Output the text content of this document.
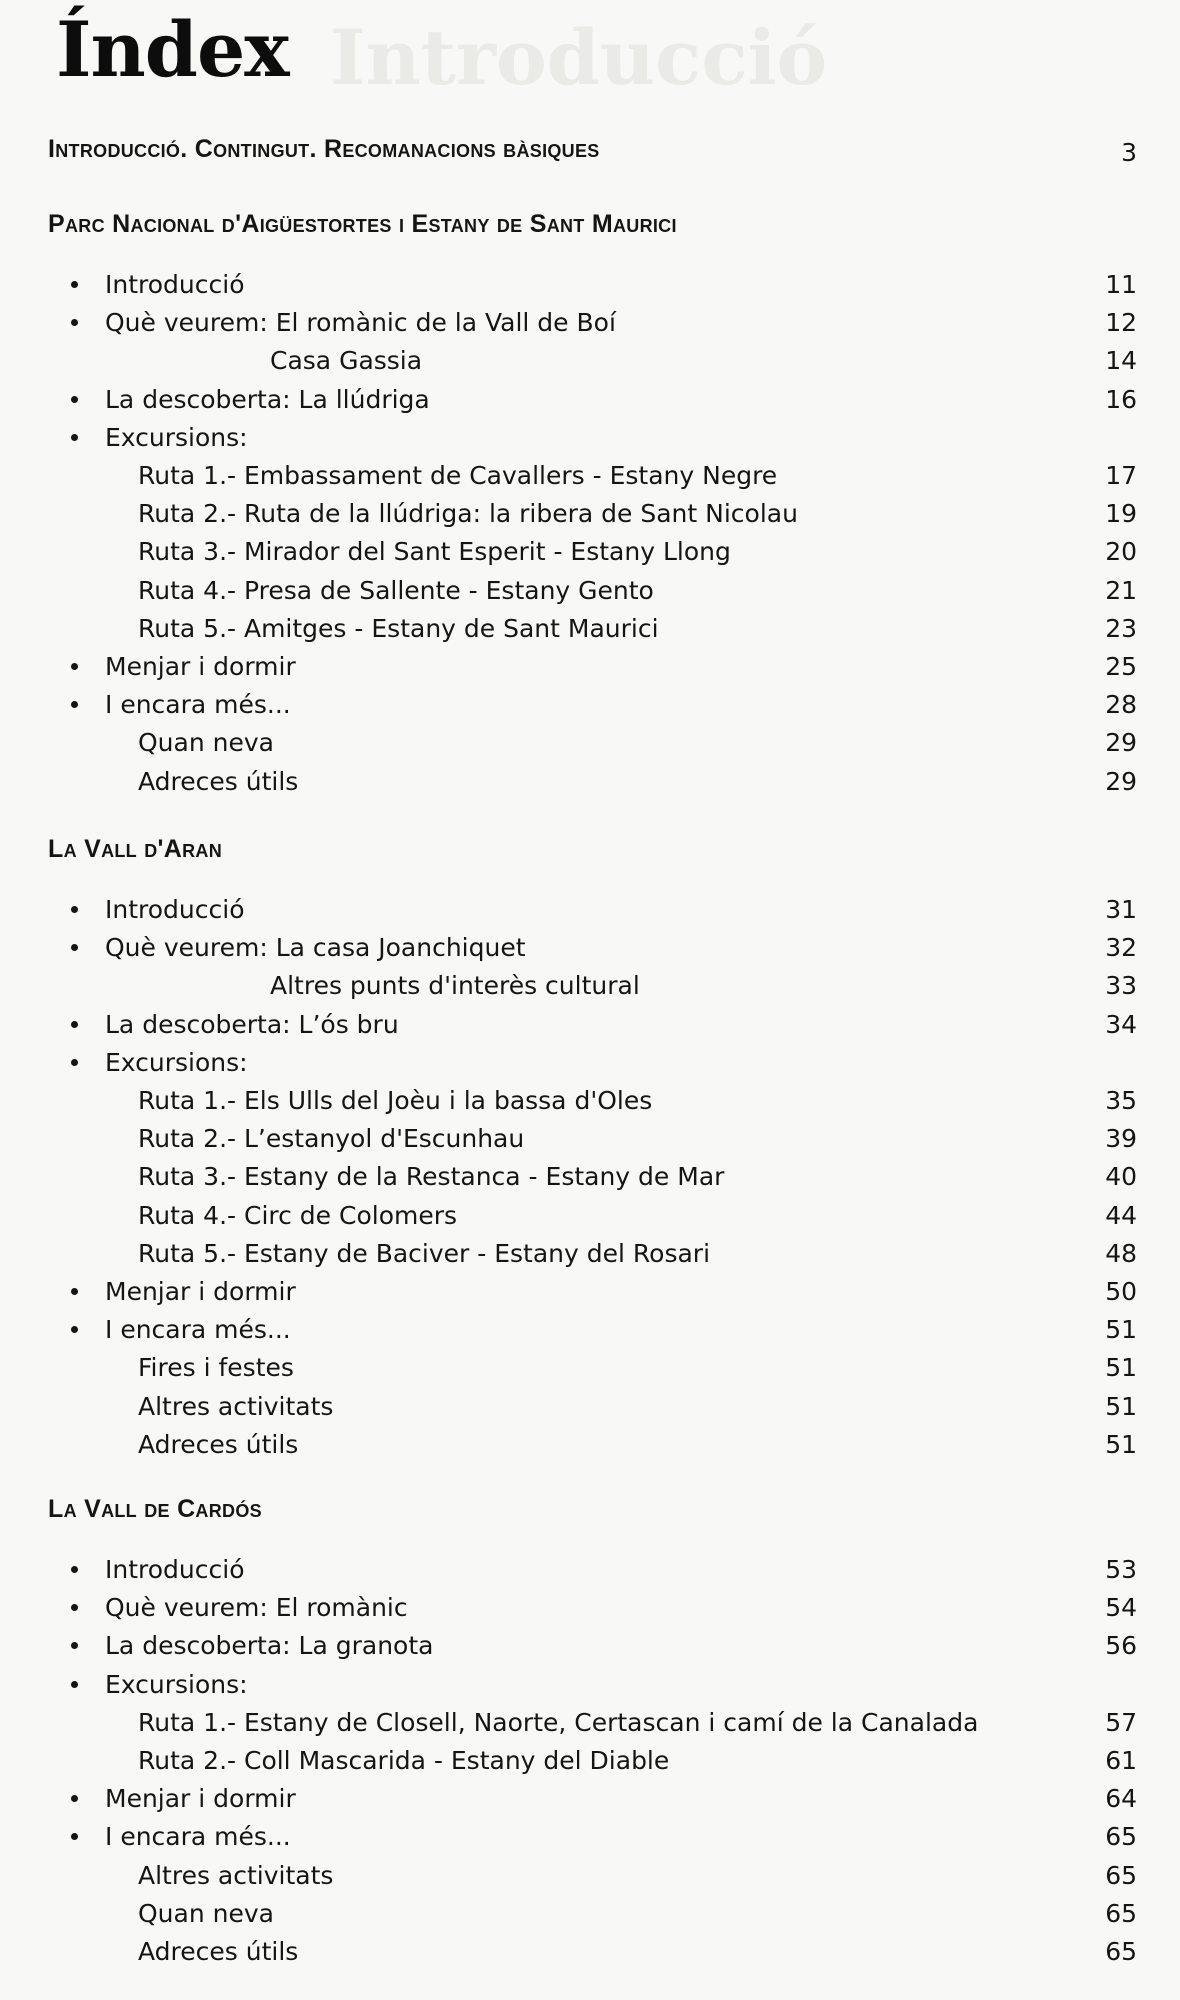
Introducció
Índex
Introducció. Contingut. Recomanacions bàsiques	3
Parc Nacional d'Aigüestortes i Estany de Sant Maurici
Introducció	11
Què veurem: El romànic de la Vall de Boí	12
Casa Gassia	14
La descoberta: La llúdriga	16
Excursions:
Ruta 1.- Embassament de Cavallers - Estany Negre	17
Ruta 2.- Ruta de la llúdriga: la ribera de Sant Nicolau	19
Ruta 3.- Mirador del Sant Esperit - Estany Llong	20
Ruta 4.- Presa de Sallente - Estany Gento	21
Ruta 5.- Amitges - Estany de Sant Maurici	23
Menjar i dormir	25
I encara més...	28
Quan neva	29
Adreces útils	29
La Vall d'Aran
Introducció	31
Què veurem: La casa Joanchiquet	32
Altres punts d'interès cultural	33
La descoberta: L’ós bru	34
Excursions:
Ruta 1.- Els Ulls del Joèu i la bassa d'Oles	35
Ruta 2.- L’estanyol d'Escunhau	39
Ruta 3.- Estany de la Restanca - Estany de Mar	40
Ruta 4.- Circ de Colomers	44
Ruta 5.- Estany de Baciver - Estany del Rosari	48
Menjar i dormir	50
I encara més...	51
Fires i festes	51
Altres activitats	51
Adreces útils	51
La Vall de Cardós
Introducció	53
Què veurem: El romànic	54
La descoberta: La granota	56
Excursions:
Ruta 1.- Estany de Closell, Naorte, Certascan i camí de la Canalada	57
Ruta 2.- Coll Mascarida - Estany del Diable	61
Menjar i dormir	64
I encara més...	65
Altres activitats	65
Quan neva	65
Adreces útils	65
